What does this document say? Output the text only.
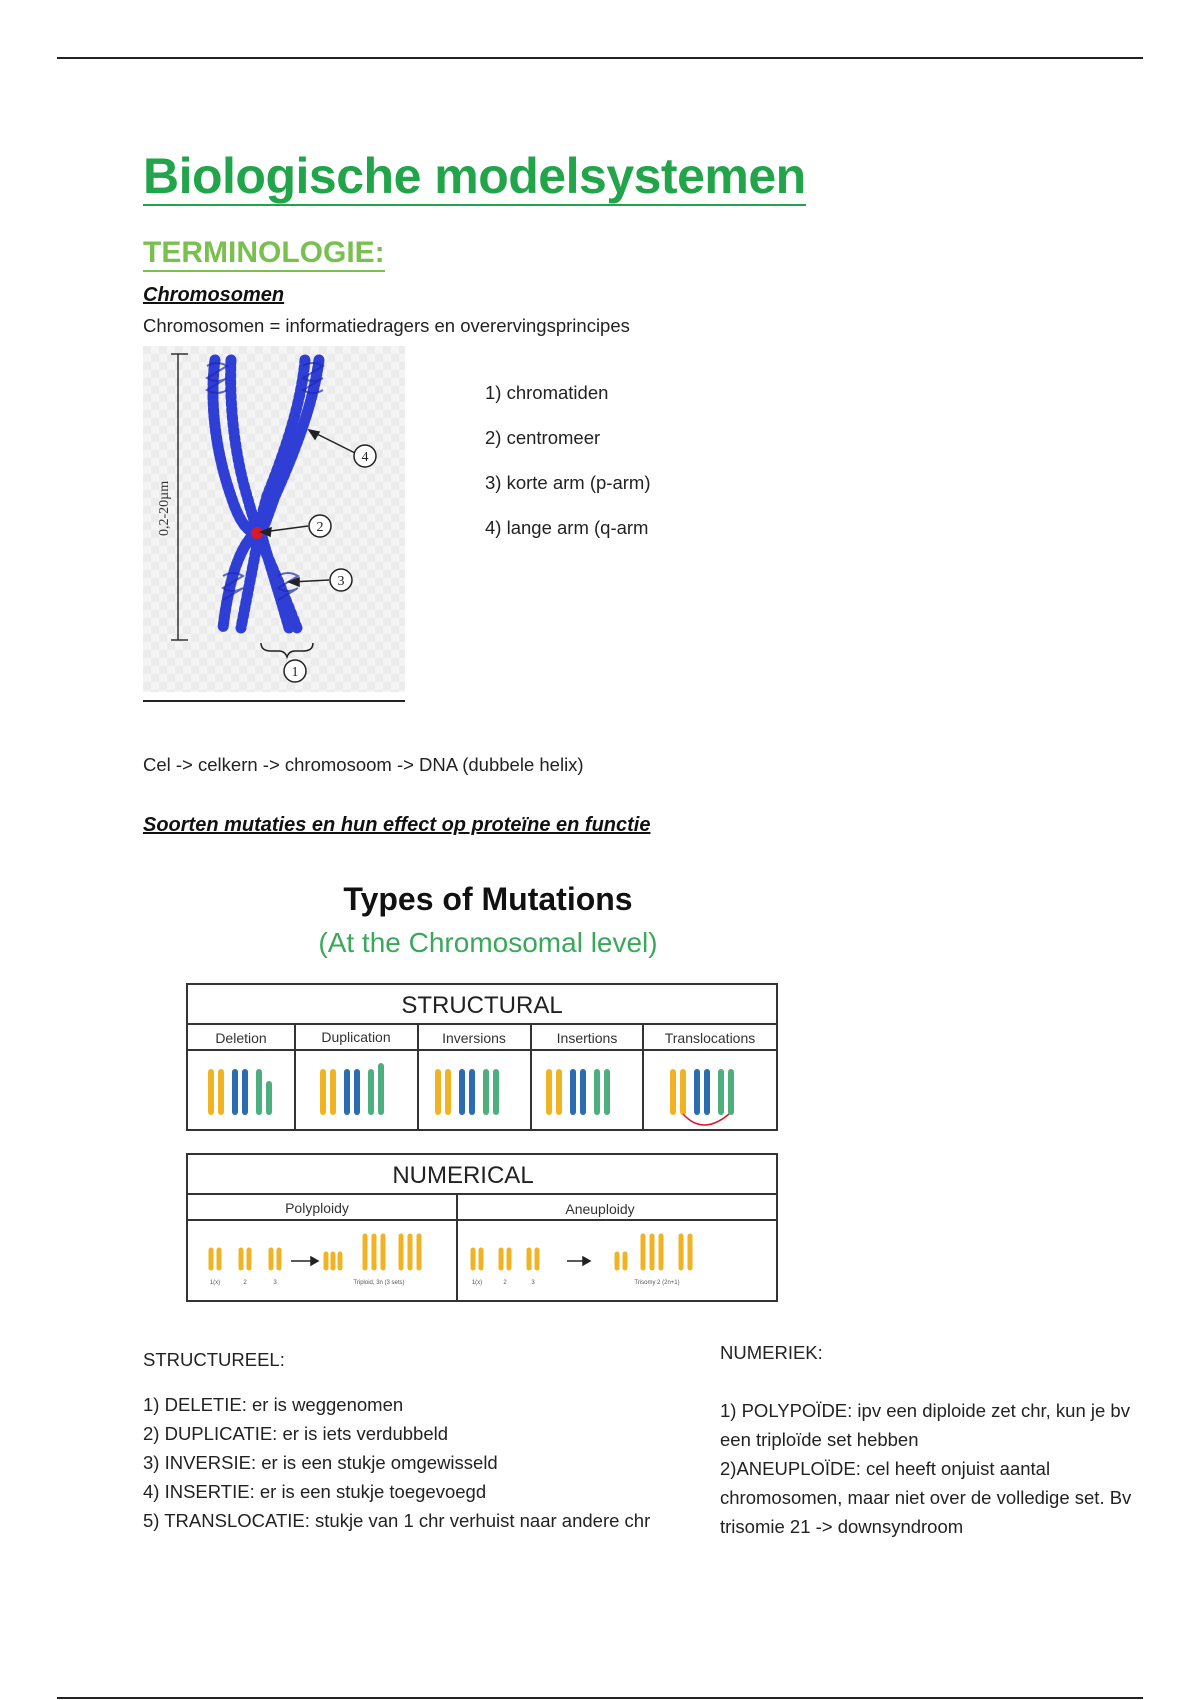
Biologische modelsystemen
TERMINOLOGIE:
Chromosomen
Chromosomen = informatiedragers en overervingsprincipes
0,2-20µm
4
2
3
1
1) chromatiden
2) centromeer
3) korte arm (p-arm)
4) lange arm (q-arm
Cel -> celkern -> chromosoom -> DNA (dubbele helix)
Soorten mutaties en hun effect op proteïne en functie
Types of Mutations
(At the Chromosomal level)
STRUCTURAL
Deletion	Duplication	Inversions	Insertions	Translocations
NUMERICAL
Polyploidy	Aneuploidy
1(x)	2	3	Triploid, 3n (3 sets)	1(x)	2	3	Trisomy 2 (2n+1)
STRUCTUREEL:
1) DELETIE: er is weggenomen
2) DUPLICATIE: er is iets verdubbeld
3) INVERSIE: er is een stukje omgewisseld
4) INSERTIE: er is een stukje toegevoegd
5) TRANSLOCATIE: stukje van 1 chr verhuist naar andere chr
NUMERIEK:
1) POLYPOÏDE: ipv een diploide zet chr, kun je bv een triploïde set hebben
2)ANEUPLOÏDE: cel heeft onjuist aantal chromosomen, maar niet over de volledige set. Bv trisomie 21 -> downsyndroom
